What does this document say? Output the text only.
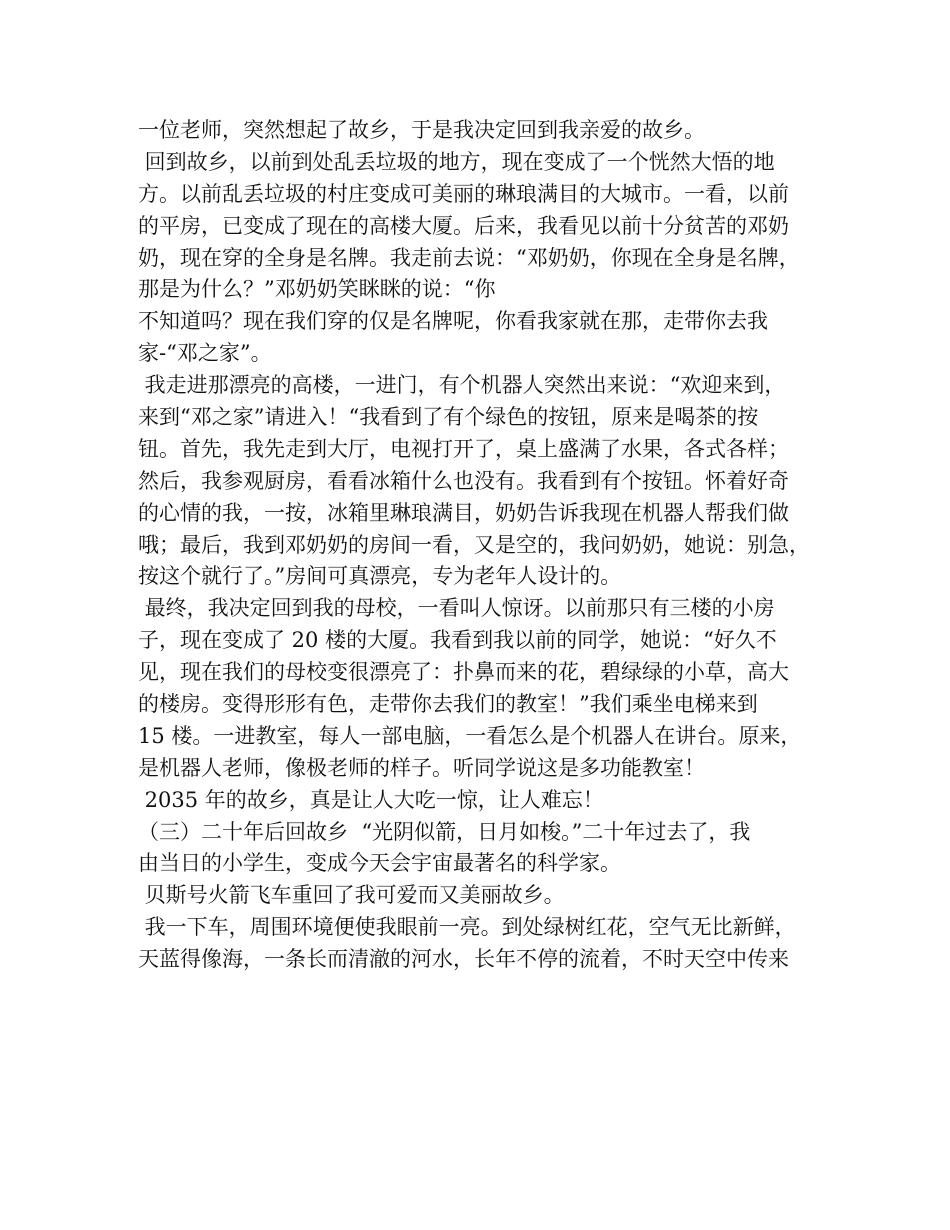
一位老师，突然想起了故乡，于是我决定回到我亲爱的故乡。
回到故乡，以前到处乱丢垃圾的地方，现在变成了一个恍然大悟的地
方。以前乱丢垃圾的村庄变成可美丽的琳琅满目的大城市。一看，以前
的平房，已变成了现在的高楼大厦。后来，我看见以前十分贫苦的邓奶
奶，现在穿的全身是名牌。我走前去说：“邓奶奶，你现在全身是名牌，
那是为什么？”邓奶奶笑眯眯的说：“你
不知道吗？现在我们穿的仅是名牌呢，你看我家就在那，走带你去我
家-“邓之家”。
我走进那漂亮的高楼，一进门，有个机器人突然出来说：“欢迎来到，
来到“邓之家”请进入！“我看到了有个绿色的按钮，原来是喝茶的按
钮。首先，我先走到大厅，电视打开了，桌上盛满了水果，各式各样；
然后，我参观厨房，看看冰箱什么也没有。我看到有个按钮。怀着好奇
的心情的我，一按，冰箱里琳琅满目，奶奶告诉我现在机器人帮我们做
哦；最后，我到邓奶奶的房间一看，又是空的，我问奶奶，她说：别急，
按这个就行了。”房间可真漂亮，专为老年人设计的。
最终，我决定回到我的母校，一看叫人惊讶。以前那只有三楼的小房
子，现在变成了 20 楼的大厦。我看到我以前的同学，她说：“好久不
见，现在我们的母校变很漂亮了：扑鼻而来的花，碧绿绿的小草，高大
的楼房。变得形形有色，走带你去我们的教室！”我们乘坐电梯来到
15 楼。一进教室，每人一部电脑，一看怎么是个机器人在讲台。原来，
是机器人老师，像极老师的样子。听同学说这是多功能教室！
2035 年的故乡，真是让人大吃一惊，让人难忘！
（三）二十年后回故乡  “光阴似箭，日月如梭。”二十年过去了，我
由当日的小学生，变成今天会宇宙最著名的科学家。
贝斯号火箭飞车重回了我可爱而又美丽故乡。
我一下车，周围环境便使我眼前一亮。到处绿树红花，空气无比新鲜，
天蓝得像海，一条长而清澈的河水，长年不停的流着，不时天空中传来
